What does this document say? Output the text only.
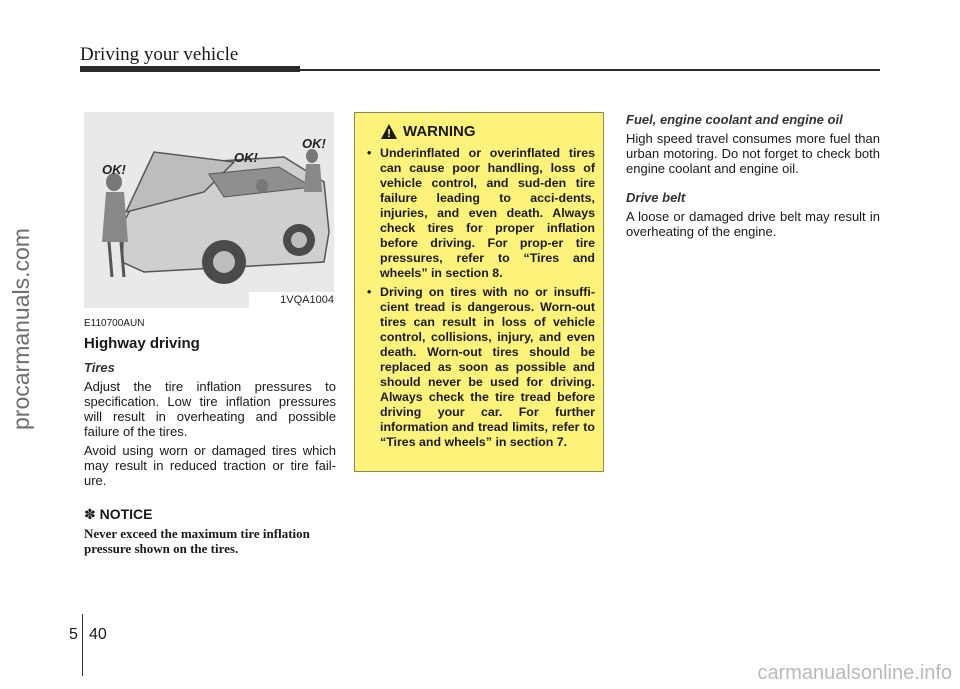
Driving your vehicle
procarmanuals.com
OK!
OK!
OK!
1VQA1004
E110700AUN
Highway driving
Tires

Adjust the tire inflation pressures to specification. Low tire inflation pressures will result in overheating and possible failure of the tires.

Avoid using worn or damaged tires which may result in reduced traction or tire fail-ure.

✽ NOTICE
Never exceed the maximum tire inflation pressure shown on the tires.
WARNING
• Underinflated or overinflated tires can cause poor handling, loss of vehicle control, and sud-den tire failure leading to acci-dents, injuries, and even death. Always check tires for proper inflation before driving. For prop-er tire pressures, refer to “Tires and wheels” in section 8.
• Driving on tires with no or insuffi-cient tread is dangerous. Worn-out tires can result in loss of vehicle control, collisions, injury, and even death. Worn-out tires should be replaced as soon as possible and should never be used for driving. Always check the tire tread before driving your car. For further information and tread limits, refer to “Tires and wheels” in section 7.
Fuel, engine coolant and engine oil

High speed travel consumes more fuel than urban motoring. Do not forget to check both engine coolant and engine oil.

Drive belt

A loose or damaged drive belt may result in overheating of the engine.

5 40
carmanualsonline.info
